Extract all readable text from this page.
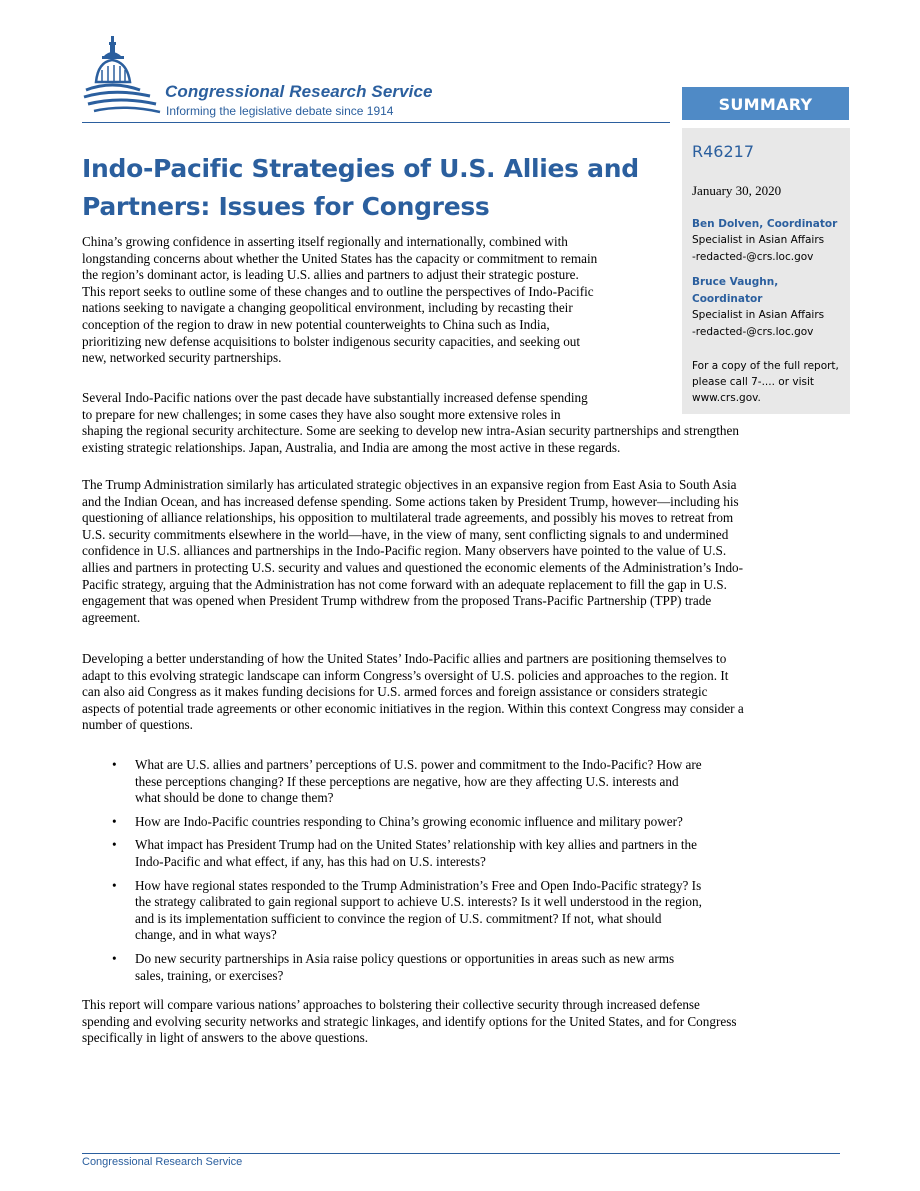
Congressional Research Service
Informing the legislative debate since 1914	SUMMARY
R46217
January 30, 2020
Ben Dolven, Coordinator
Specialist in Asian Affairs
-redacted-@crs.loc.gov
Bruce Vaughn,
Coordinator
Specialist in Asian Affairs
-redacted-@crs.loc.gov
For a copy of the full report,
please call 7-.... or visit
www.crs.gov.
Indo-Pacific Strategies of U.S. Allies and
Partners: Issues for Congress

China’s growing confidence in asserting itself regionally and internationally, combined with
longstanding concerns about whether the United States has the capacity or commitment to remain
the region’s dominant actor, is leading U.S. allies and partners to adjust their strategic posture.
This report seeks to outline some of these changes and to outline the perspectives of Indo-Pacific
nations seeking to navigate a changing geopolitical environment, including by recasting their
conception of the region to draw in new potential counterweights to China such as India,
prioritizing new defense acquisitions to bolster indigenous security capacities, and seeking out
new, networked security partnerships.

Several Indo-Pacific nations over the past decade have substantially increased defense spending
to prepare for new challenges; in some cases they have also sought more extensive roles in
shaping the regional security architecture. Some are seeking to develop new intra-Asian security partnerships and strengthen
existing strategic relationships. Japan, Australia, and India are among the most active in these regards.

The Trump Administration similarly has articulated strategic objectives in an expansive region from East Asia to South Asia
and the Indian Ocean, and has increased defense spending. Some actions taken by President Trump, however—including his
questioning of alliance relationships, his opposition to multilateral trade agreements, and possibly his moves to retreat from
U.S. security commitments elsewhere in the world—have, in the view of many, sent conflicting signals to and undermined
confidence in U.S. alliances and partnerships in the Indo-Pacific region. Many observers have pointed to the value of U.S.
allies and partners in protecting U.S. security and values and questioned the economic elements of the Administration’s Indo-
Pacific strategy, arguing that the Administration has not come forward with an adequate replacement to fill the gap in U.S.
engagement that was opened when President Trump withdrew from the proposed Trans-Pacific Partnership (TPP) trade
agreement.

Developing a better understanding of how the United States’ Indo-Pacific allies and partners are positioning themselves to
adapt to this evolving strategic landscape can inform Congress’s oversight of U.S. policies and approaches to the region. It
can also aid Congress as it makes funding decisions for U.S. armed forces and foreign assistance or considers strategic
aspects of potential trade agreements or other economic initiatives in the region. Within this context Congress may consider a
number of questions.

• What are U.S. allies and partners’ perceptions of U.S. power and commitment to the Indo-Pacific? How are
these perceptions changing? If these perceptions are negative, how are they affecting U.S. interests and
what should be done to change them?
• How are Indo-Pacific countries responding to China’s growing economic influence and military power?
• What impact has President Trump had on the United States’ relationship with key allies and partners in the
Indo-Pacific and what effect, if any, has this had on U.S. interests?
• How have regional states responded to the Trump Administration’s Free and Open Indo-Pacific strategy? Is
the strategy calibrated to gain regional support to achieve U.S. interests? Is it well understood in the region,
and is its implementation sufficient to convince the region of U.S. commitment? If not, what should
change, and in what ways?
• Do new security partnerships in Asia raise policy questions or opportunities in areas such as new arms
sales, training, or exercises?

This report will compare various nations’ approaches to bolstering their collective security through increased defense
spending and evolving security networks and strategic linkages, and identify options for the United States, and for Congress
specifically in light of answers to the above questions.

Congressional Research Service
